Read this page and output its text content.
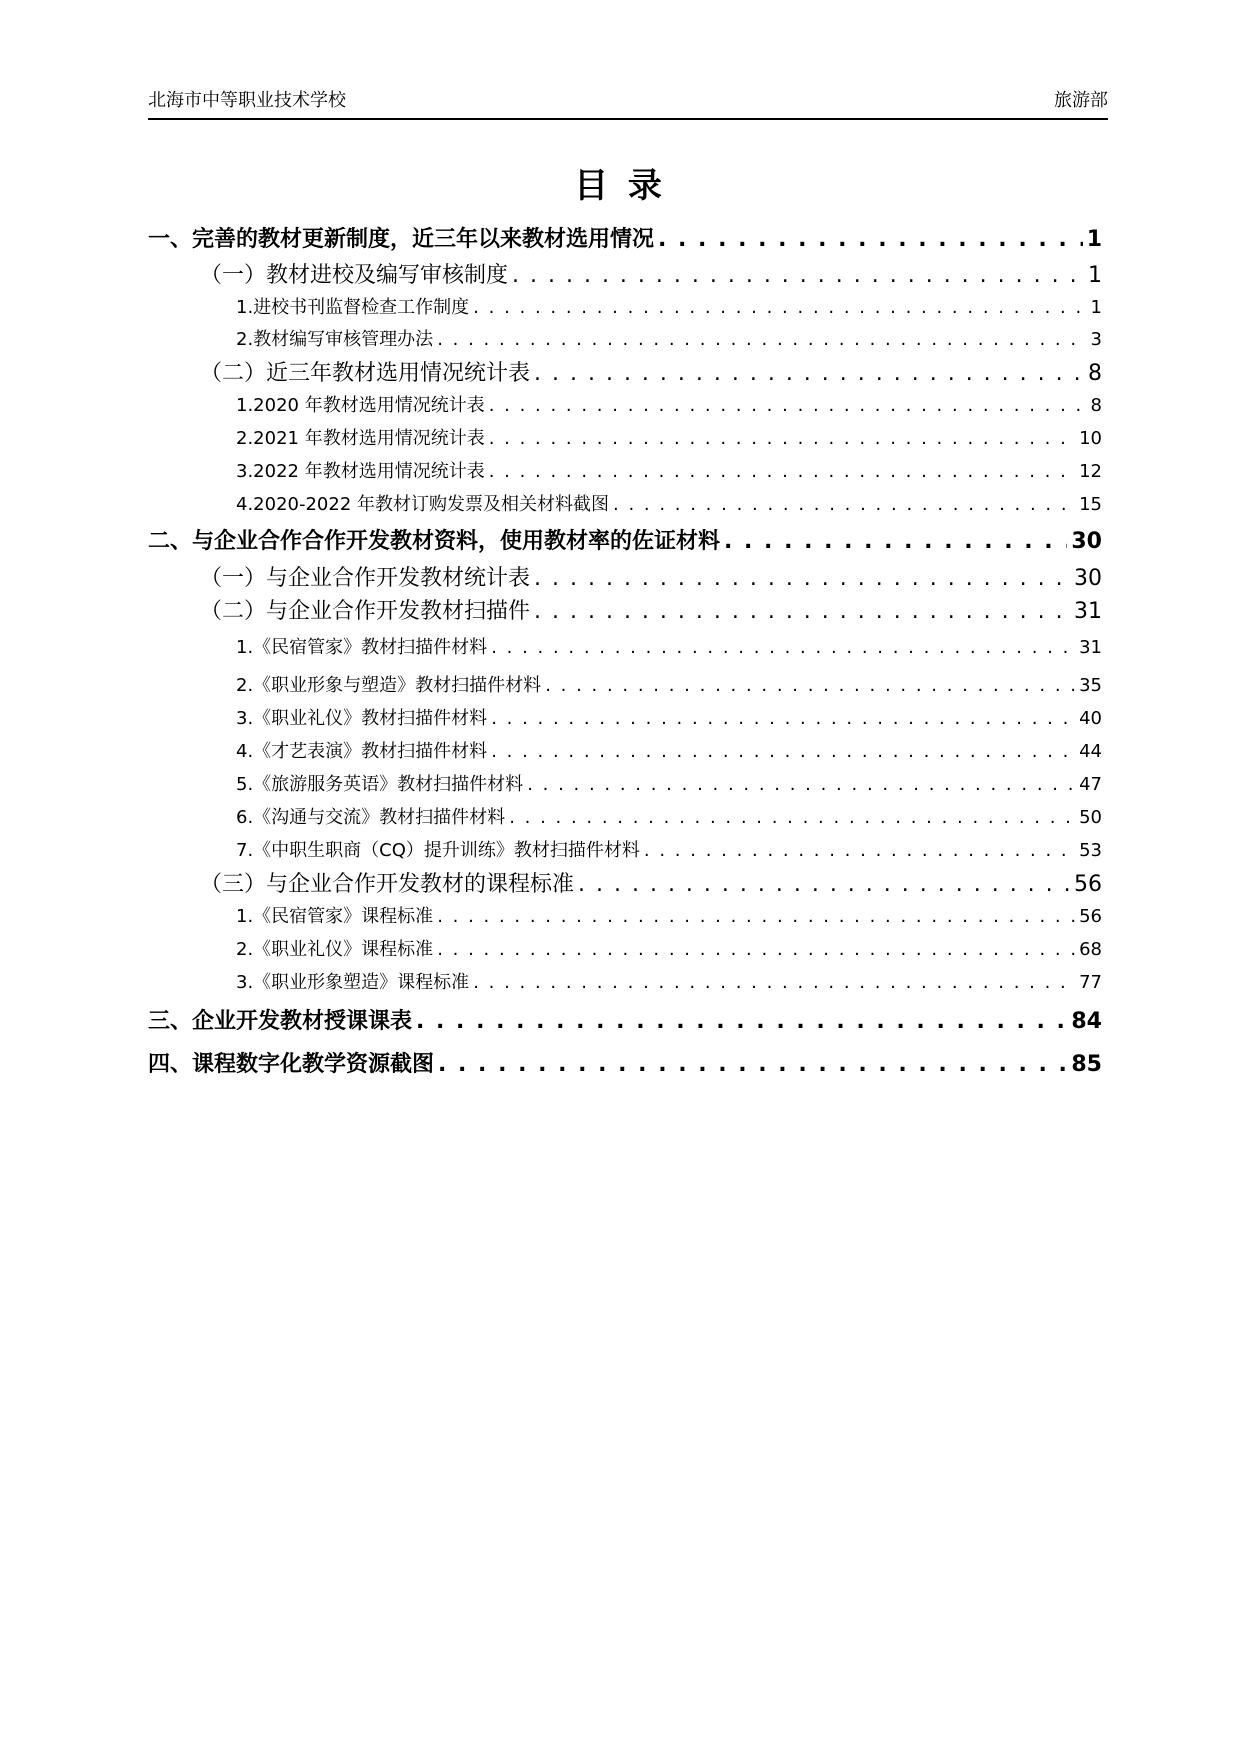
北海市中等职业技术学校	旅游部
目 录
一、完善的教材更新制度，近三年以来教材选用情况 . . .	1
（一）教材进校及编写审核制度 . . .	1
1.进校书刊监督检查工作制度 . . .	1
2.教材编写审核管理办法 . . .	3
（二）近三年教材选用情况统计表 . . .	8
1.2020 年教材选用情况统计表 . . .	8
2.2021 年教材选用情况统计表 . . .	10
3.2022 年教材选用情况统计表 . . .	12
4.2020-2022 年教材订购发票及相关材料截图 . . .	15
二、与企业合作合作开发教材资料，使用教材率的佐证材料 . . .	30
（一）与企业合作开发教材统计表 . . .	30
（二）与企业合作开发教材扫描件 . . .	31
1.《民宿管家》教材扫描件材料 . . .	31
2.《职业形象与塑造》教材扫描件材料 . . .	35
3.《职业礼仪》教材扫描件材料 . . .	40
4.《才艺表演》教材扫描件材料 . . .	44
5.《旅游服务英语》教材扫描件材料 . . .	47
6.《沟通与交流》教材扫描件材料 . . .	50
7.《中职生职商（CQ）提升训练》教材扫描件材料 . . .	53
（三）与企业合作开发教材的课程标准 . . .	56
1.《民宿管家》课程标准 . . .	56
2.《职业礼仪》课程标准 . . .	68
3.《职业形象塑造》课程标准 . . .	77
三、企业开发教材授课课表 . . .	84
四、课程数字化教学资源截图 . . .	85
